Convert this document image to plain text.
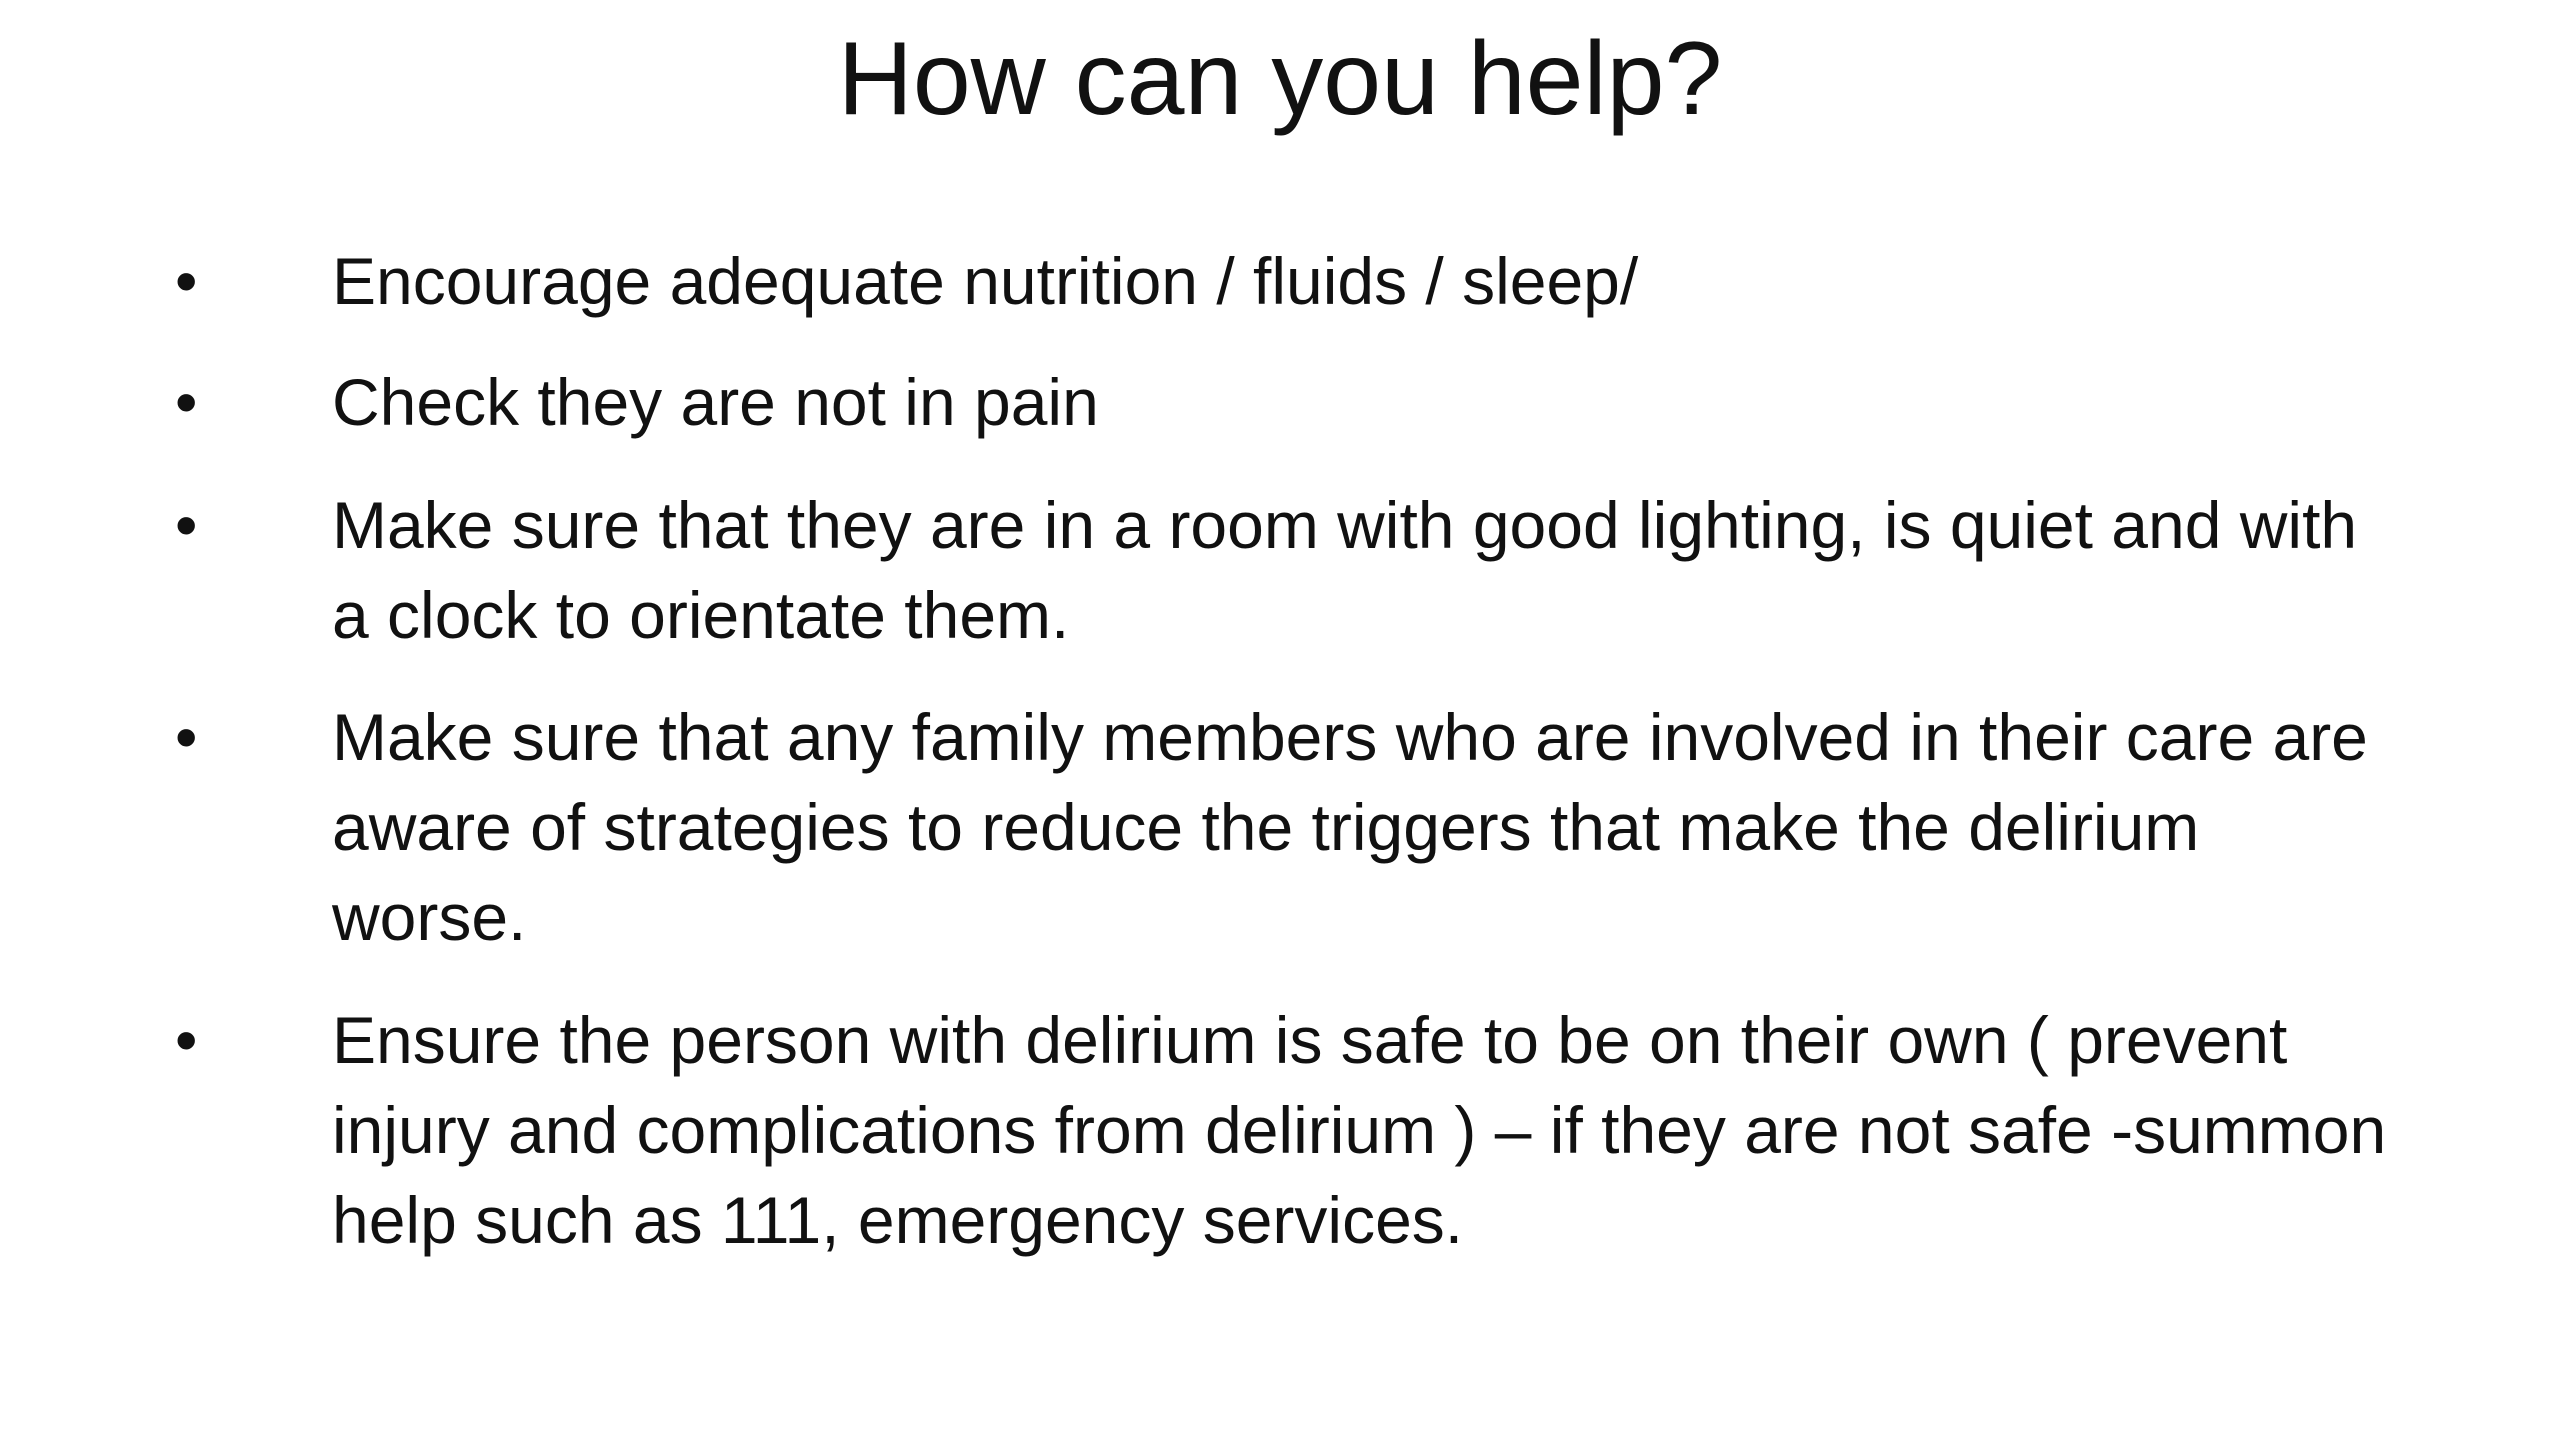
How can you help?
• Encourage adequate nutrition / fluids / sleep/
• Check they are not in pain
• Make sure that they are in a room with good lighting, is quiet and with a clock to orientate them.
• Make sure that any family members who are involved in their care are aware of strategies to reduce the triggers that make the delirium worse.
• Ensure the person with delirium is safe to be on their own ( prevent injury and complications from delirium ) – if they are not safe -summon help such as 111, emergency services.
